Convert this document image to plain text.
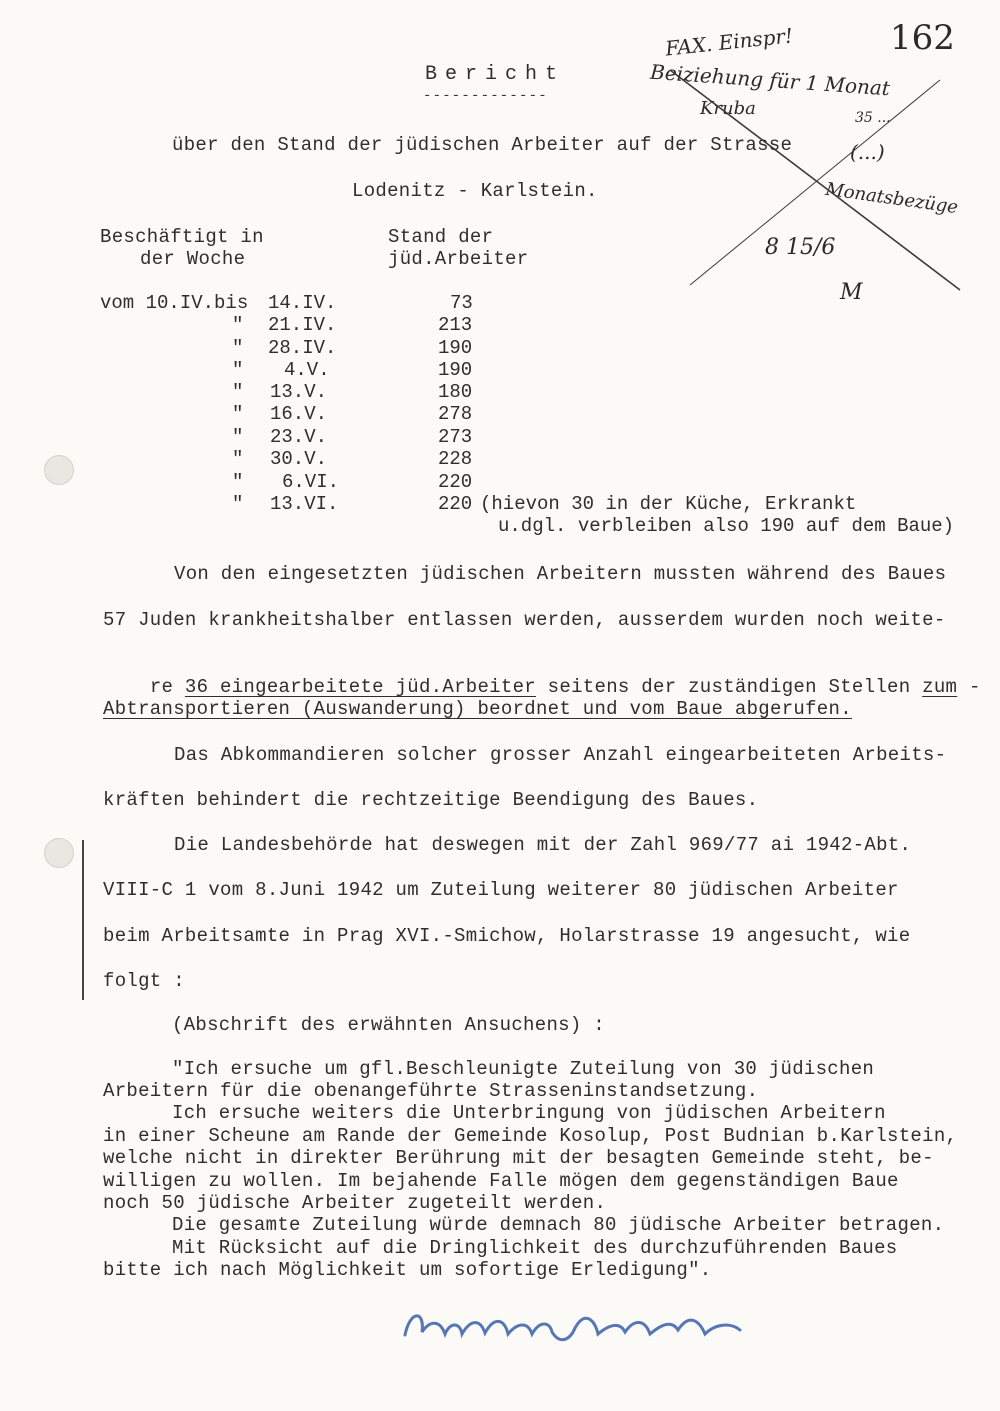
162
FAX. Einspr!
Beiziehung für 1 Monat
Kruba	35 ...
(...)
Monatsbezüge
8 15/6
M
Bericht
-------------
über den Stand der jüdischen Arbeiter auf der Strasse
Lodenitz - Karlstein.
Beschäftigt in
der Woche
Stand der
jüd.Arbeiter
vom 10.IV.bis 14.IV.	73
" 21.IV.	213
" 28.IV.	190
" 4.V.	190
" 13.V.	180
" 16.V.	278
" 23.V.	273
" 30.V.	228
" 6.VI.	220
" 13.VI.	220 (hievon 30 in der Küche, Erkrankt
u.dgl. verbleiben also 190 auf dem Baue)
Von den eingesetzten jüdischen Arbeitern mussten während des Baues
57 Juden krankheitshalber entlassen werden, ausserdem wurden noch weite-

re 36 eingearbeitete jüd.Arbeiter seitens der zuständigen Stellen zum -

Abtransportieren (Auswanderung) beordnet und vom Baue abgerufen.
Das Abkommandieren solcher grosser Anzahl eingearbeiteten Arbeits-
kräften behindert die rechtzeitige Beendigung des Baues.
Die Landesbehörde hat deswegen mit der Zahl 969/77 ai 1942-Abt.
VIII-C 1 vom 8.Juni 1942 um Zuteilung weiterer 80 jüdischen Arbeiter
beim Arbeitsamte in Prag XVI.-Smichow, Holarstrasse 19 angesucht, wie
folgt :
(Abschrift des erwähnten Ansuchens) :
"Ich ersuche um gfl.Beschleunigte Zuteilung von 30 jüdischen
Arbeitern für die obenangeführte Strasseninstandsetzung.
Ich ersuche weiters die Unterbringung von jüdischen Arbeitern
in einer Scheune am Rande der Gemeinde Kosolup, Post Budnian b.Karlstein,
welche nicht in direkter Berührung mit der besagten Gemeinde steht, be-
willigen zu wollen. Im bejahende Falle mögen dem gegenständigen Baue
noch 50 jüdische Arbeiter zugeteilt werden.
Die gesamte Zuteilung würde demnach 80 jüdische Arbeiter betragen.
Mit Rücksicht auf die Dringlichkeit des durchzuführenden Baues
bitte ich nach Möglichkeit um sofortige Erledigung".
